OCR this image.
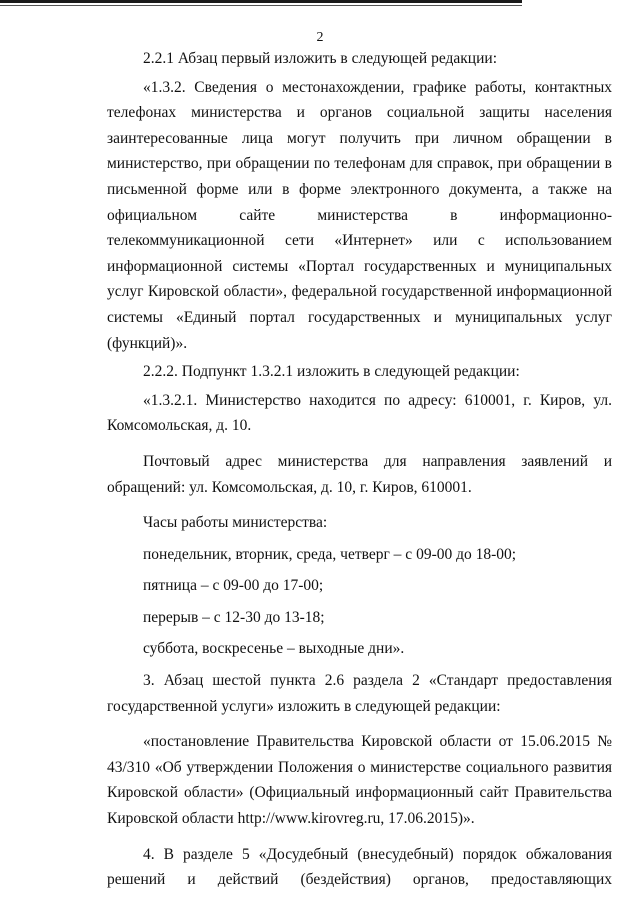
2

2.2.1 Абзац первый изложить в следующей редакции:

«1.3.2. Сведения о местонахождении, графике работы, контактных телефонах министерства и органов социальной защиты населения заинтересованные лица могут получить при личном обращении в министерство, при обращении по телефонам для справок, при обращении в письменной форме или в форме электронного документа, а также на официальном сайте министерства в информационно-телекоммуникационной сети «Интернет» или с использованием информационной системы «Портал государственных и муниципальных услуг Кировской области», федеральной государственной информационной системы «Единый портал государственных и муниципальных услуг (функций)».

2.2.2. Подпункт 1.3.2.1 изложить в следующей редакции:

«1.3.2.1. Министерство находится по адресу: 610001, г. Киров, ул. Комсомольская, д. 10.

Почтовый адрес министерства для направления заявлений и обращений: ул. Комсомольская, д. 10, г. Киров, 610001.

Часы работы министерства:

понедельник, вторник, среда, четверг – с 09-00 до 18-00;

пятница – с 09-00 до 17-00;

перерыв – с 12-30 до 13-18;

суббота, воскресенье – выходные дни».

3. Абзац шестой пункта 2.6 раздела 2 «Стандарт предоставления государственной услуги» изложить в следующей редакции:

«постановление Правительства Кировской области от 15.06.2015 № 43/310 «Об утверждении Положения о министерстве социального развития Кировской области» (Официальный информационный сайт Правительства Кировской области http://www.kirovreg.ru, 17.06.2015)».

4. В разделе 5 «Досудебный (внесудебный) порядок обжалования решений и действий (бездействия) органов, предоставляющих
